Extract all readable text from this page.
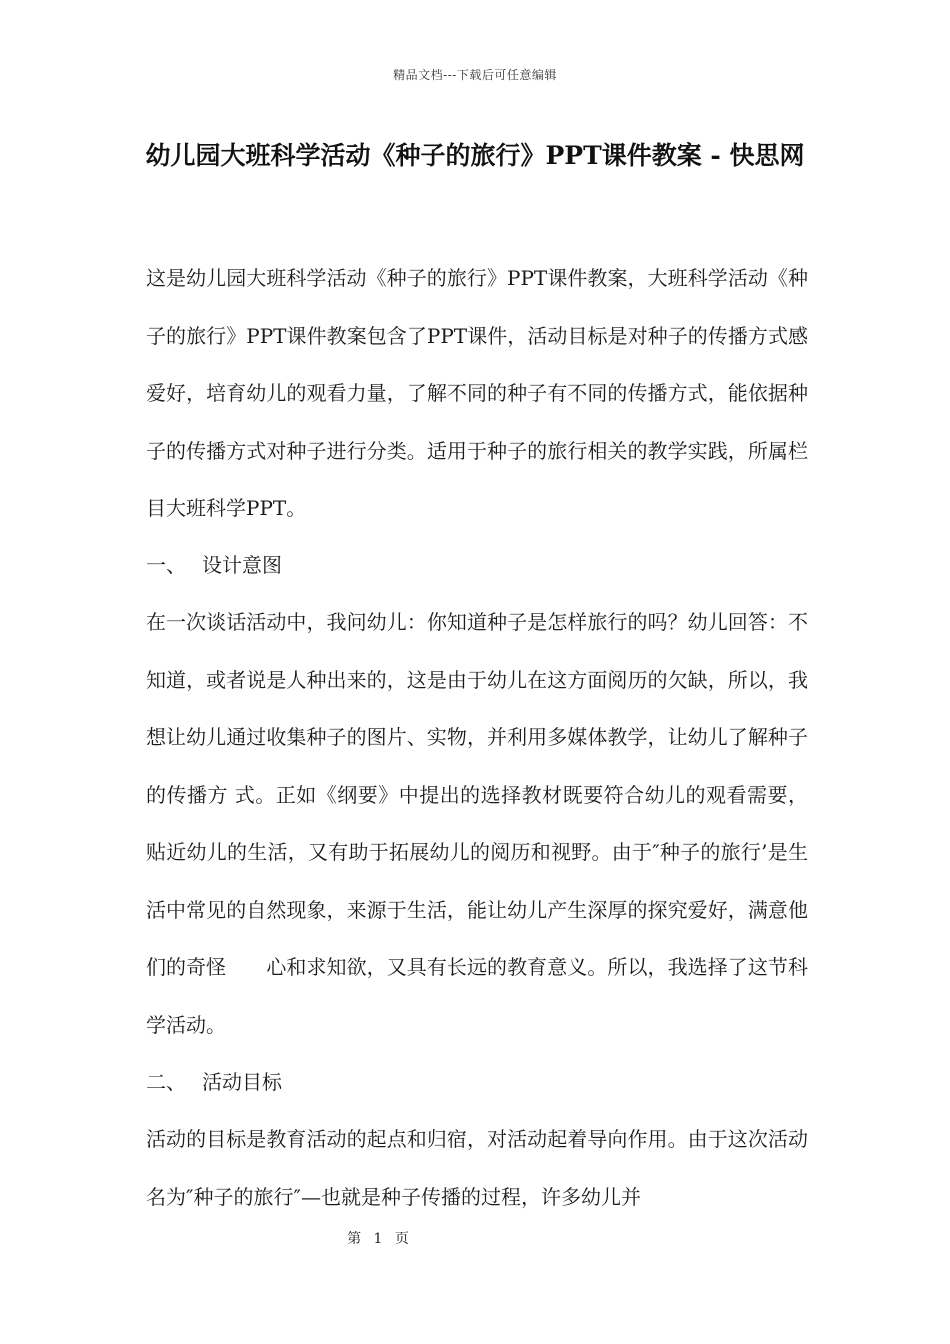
精品文档---下载后可任意编辑
幼儿园大班科学活动《种子的旅行》PPT课件教案 - 快思网

这是幼儿园大班科学活动《种子的旅行》PPT课件教案，大班科学活动《种子的旅行》PPT课件教案包含了PPT课件，活动目标是对种子的传播方式感爱好，培育幼儿的观看力量，了解不同的种子有不同的传播方式，能依据种子的传播方式对种子进行分类。适用于种子的旅行相关的教学实践，所属栏目大班科学PPT。

一、 设计意图

在一次谈话活动中，我问幼儿：你知道种子是怎样旅行的吗？幼儿回答：不知道，或者说是人种出来的，这是由于幼儿在这方面阅历的欠缺，所以，我想让幼儿通过收集种子的图片、实物，并利用多媒体教学，让幼儿了解种子的传播方 式。正如《纲要》中提出的选择教材既要符合幼儿的观看需要，贴近幼儿的生活，又有助于拓展幼儿的阅历和视野。由于″种子的旅行’是生活中常见的自然现象，来源于生活，能让幼儿产生深厚的探究爱好，满意他们的奇怪　　心和求知欲，又具有长远的教育意义。所以，我选择了这节科学活动。

二、 活动目标

活动的目标是教育活动的起点和归宿，对活动起着导向作用。由于这次活动名为″种子的旅行″—也就是种子传播的过程，许多幼儿并

第 1 页
